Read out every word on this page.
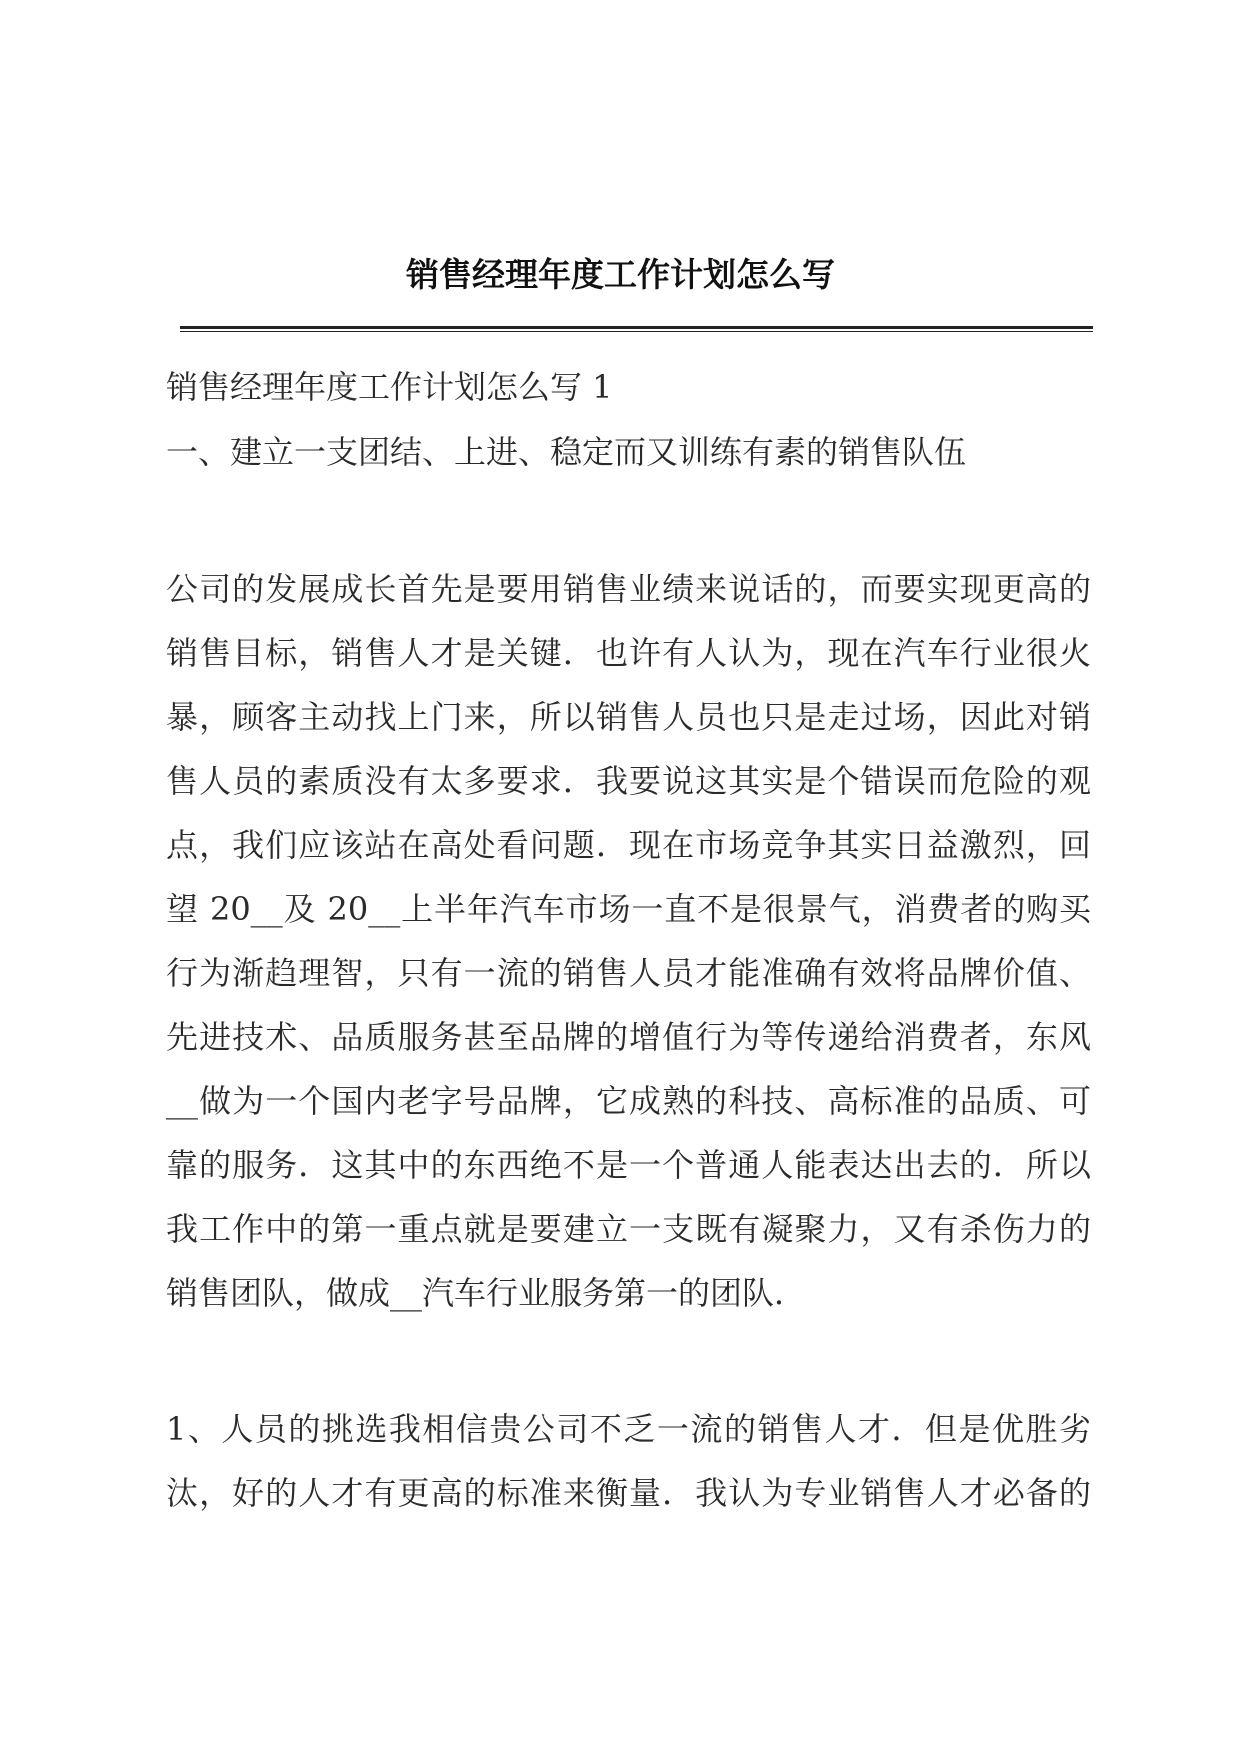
销售经理年度工作计划怎么写
销售经理年度工作计划怎么写 1
一、建立一支团结、上进、稳定而又训练有素的销售队伍
公司的发展成长首先是要用销售业绩来说话的，而要实现更高的
销售目标，销售人才是关键．也许有人认为，现在汽车行业很火
暴，顾客主动找上门来，所以销售人员也只是走过场，因此对销
售人员的素质没有太多要求．我要说这其实是个错误而危险的观
点，我们应该站在高处看问题．现在市场竞争其实日益激烈，回
望 20__及 20__上半年汽车市场一直不是很景气，消费者的购买
行为渐趋理智，只有一流的销售人员才能准确有效将品牌价值、
先进技术、品质服务甚至品牌的增值行为等传递给消费者，东风
__做为一个国内老字号品牌，它成熟的科技、高标准的品质、可
靠的服务．这其中的东西绝不是一个普通人能表达出去的．所以
我工作中的第一重点就是要建立一支既有凝聚力，又有杀伤力的
销售团队，做成__汽车行业服务第一的团队．
1、人员的挑选我相信贵公司不乏一流的销售人才．但是优胜劣
汰，好的人才有更高的标准来衡量．我认为专业销售人才必备的
